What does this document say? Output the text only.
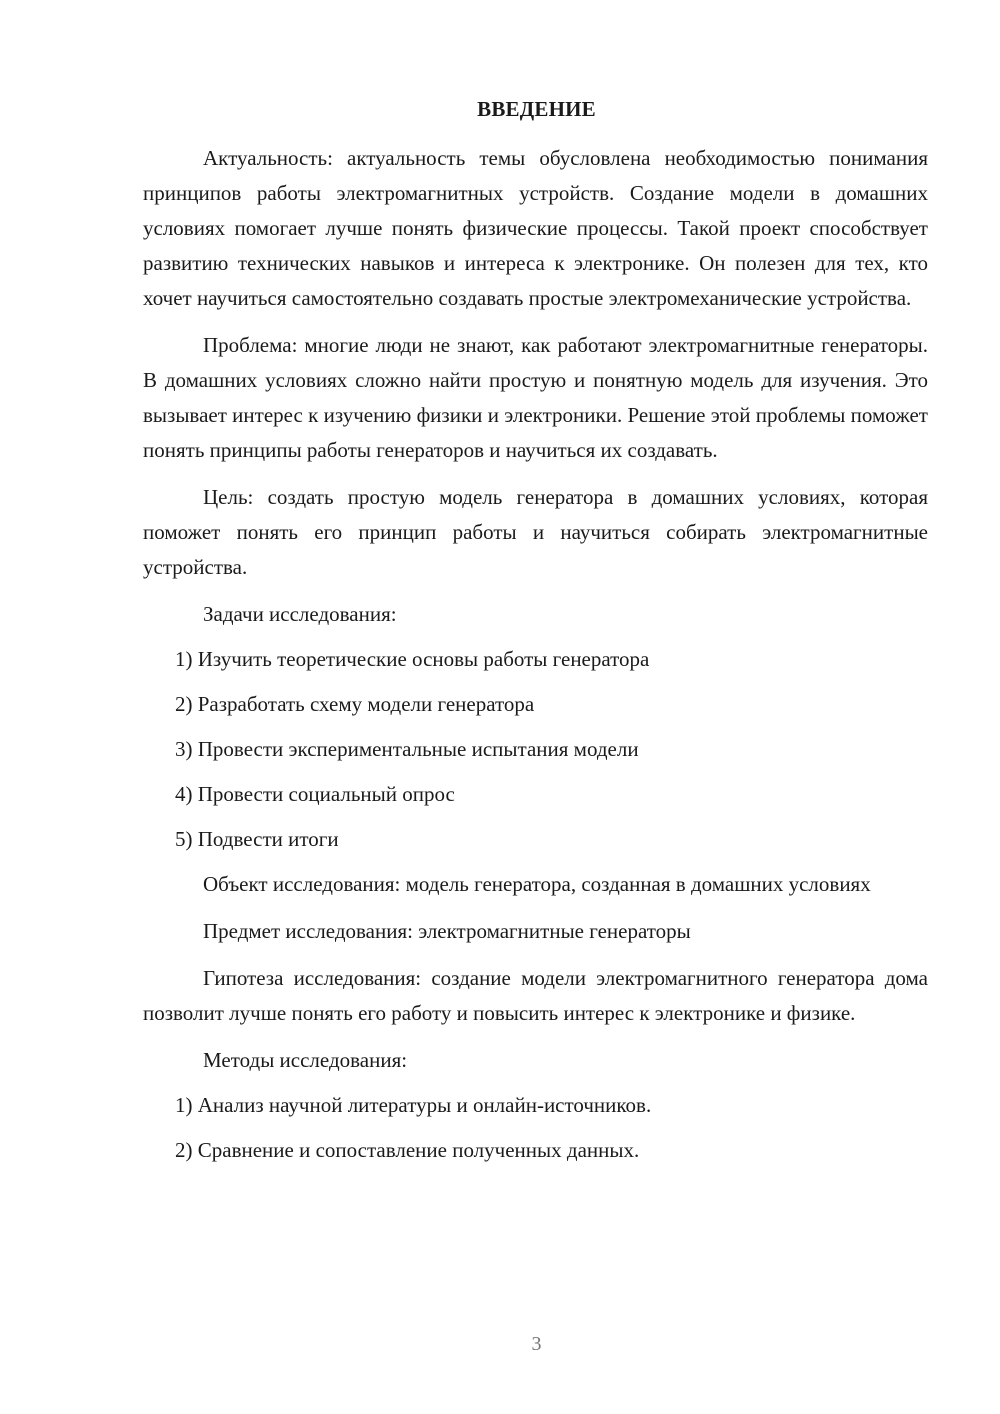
ВВЕДЕНИЕ

Актуальность: актуальность темы обусловлена необходимостью понимания принципов работы электромагнитных устройств. Создание модели в домашних условиях помогает лучше понять физические процессы. Такой проект способствует развитию технических навыков и интереса к электронике. Он полезен для тех, кто хочет научиться самостоятельно создавать простые электромеханические устройства.

Проблема: многие люди не знают, как работают электромагнитные генераторы. В домашних условиях сложно найти простую и понятную модель для изучения. Это вызывает интерес к изучению физики и электроники. Решение этой проблемы поможет понять принципы работы генераторов и научиться их создавать.

Цель: создать простую модель генератора в домашних условиях, которая поможет понять его принцип работы и научиться собирать электромагнитные устройства.

Задачи исследования:

1) Изучить теоретические основы работы генератора

2) Разработать схему модели генератора

3) Провести экспериментальные испытания модели

4) Провести социальный опрос

5) Подвести итоги

Объект исследования: модель генератора, созданная в домашних условиях

Предмет исследования: электромагнитные генераторы

Гипотеза исследования: создание модели электромагнитного генератора дома позволит лучше понять его работу и повысить интерес к электронике и физике.

Методы исследования:

1) Анализ научной литературы и онлайн-источников.

2) Сравнение и сопоставление полученных данных.

3
